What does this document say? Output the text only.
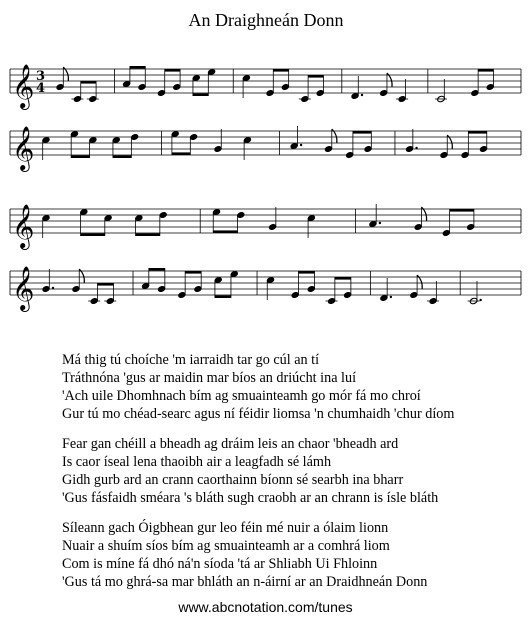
An Draighneán Donn
𝄞 3
4
𝄞
𝄞
𝄞
Má thig tú choíche 'm iarraidh tar go cúl an tí
Tráthnóna 'gus ar maidin mar bíos an driúcht ina luí
'Ach uile Dhomhnach bím ag smuainteamh go mór fá mo chroí
Gur tú mo chéad-searc agus ní féidir liomsa 'n chumhaidh 'chur díom
Fear gan chéill a bheadh ag dráim leis an chaor 'bheadh ard
Is caor íseal lena thaoibh air a leagfadh sé lámh
Gidh gurb ard an crann caorthainn bíonn sé searbh ina bharr
'Gus fásfaidh sméara 's bláth sugh craobh ar an chrann is ísle bláth
Síleann gach Óigbhean gur leo féin mé nuir a ólaim lionn
Nuair a shuím síos bím ag smuainteamh ar a comhrá liom
Com is míne fá dhó ná'n síoda 'tá ar Shliabh Ui Fhloinn
'Gus tá mo ghrá-sa mar bhláth an n-áirní ar an Draidhneán Donn
www.abcnotation.com/tunes
